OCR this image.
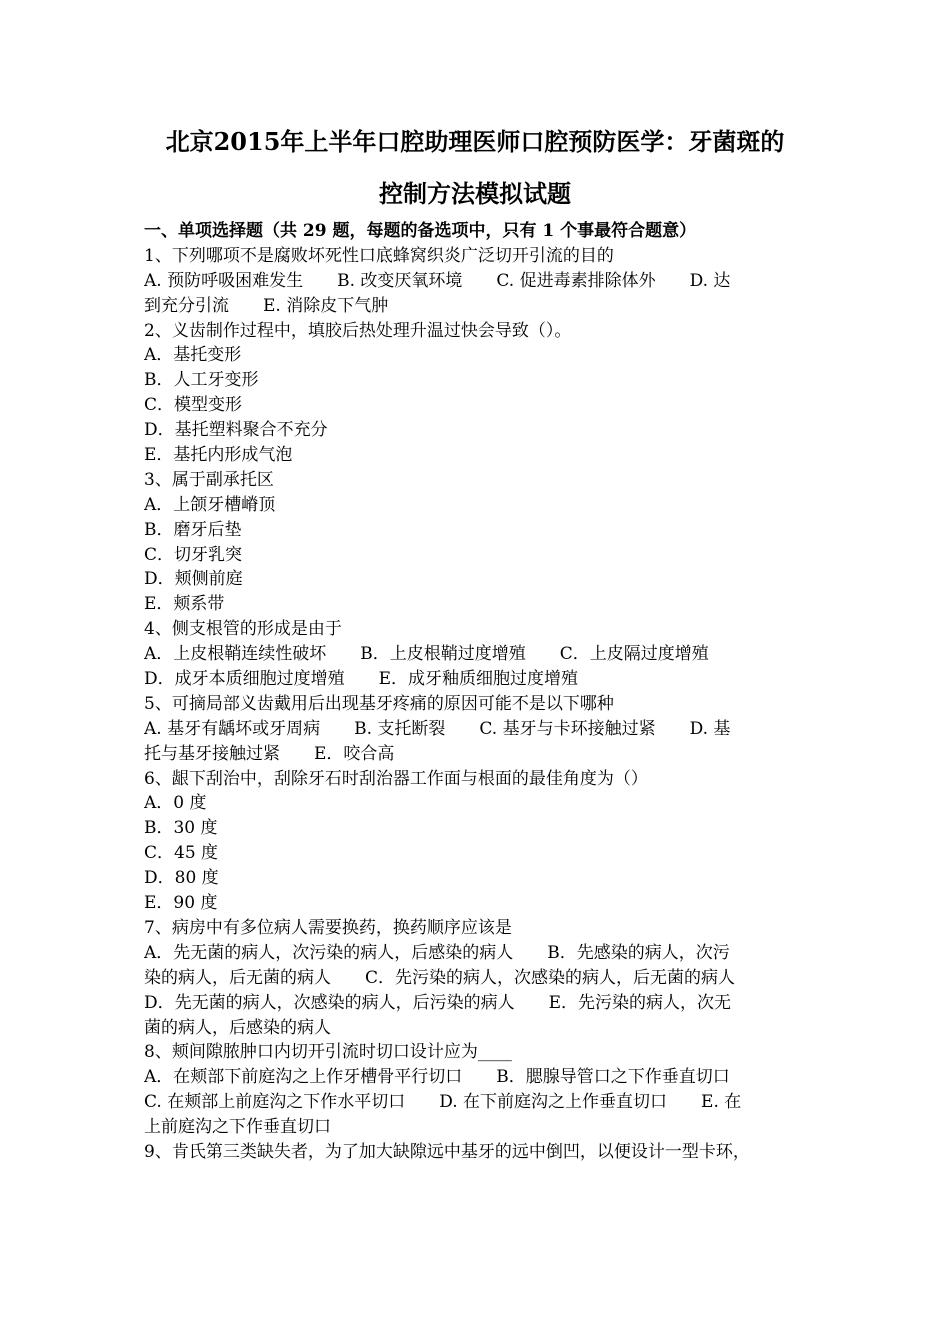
北京2015年上半年口腔助理医师口腔预防医学：牙菌斑的
控制方法模拟试题
一、单项选择题（共 29 题，每题的备选项中，只有 1 个事最符合题意）
1、下列哪项不是腐败坏死性口底蜂窝织炎广泛切开引流的目的
A. 预防呼吸困难发生　　B. 改变厌氧环境　　C. 促进毒素排除体外　　D. 达
到充分引流　　E. 消除皮下气肿
2、义齿制作过程中，填胶后热处理升温过快会导致（）。
A．基托变形
B．人工牙变形
C．模型变形
D．基托塑料聚合不充分
E．基托内形成气泡
3、属于副承托区
A．上颌牙槽嵴顶
B．磨牙后垫
C．切牙乳突
D．颊侧前庭
E．颊系带
4、侧支根管的形成是由于
A．上皮根鞘连续性破坏　　B．上皮根鞘过度增殖　　C．上皮隔过度增殖
D．成牙本质细胞过度增殖　　E．成牙釉质细胞过度增殖
5、可摘局部义齿戴用后出现基牙疼痛的原因可能不是以下哪种
A. 基牙有龋坏或牙周病　　B. 支托断裂　　C. 基牙与卡环接触过紧　　D. 基
托与基牙接触过紧　　E．咬合高
6、龈下刮治中，刮除牙石时刮治器工作面与根面的最佳角度为（）
A．0 度
B．30 度
C．45 度
D．80 度
E．90 度
7、病房中有多位病人需要换药，换药顺序应该是
A．先无菌的病人，次污染的病人，后感染的病人　　B．先感染的病人，次污
染的病人，后无菌的病人　　C．先污染的病人，次感染的病人，后无菌的病人
D．先无菌的病人，次感染的病人，后污染的病人　　E．先污染的病人，次无
菌的病人，后感染的病人
8、颊间隙脓肿口内切开引流时切口设计应为____
A．在颊部下前庭沟之上作牙槽骨平行切口　　B．腮腺导管口之下作垂直切口
C. 在颊部上前庭沟之下作水平切口　　D. 在下前庭沟之上作垂直切口　　E. 在
上前庭沟之下作垂直切口
9、肯氏第三类缺失者，为了加大缺隙远中基牙的远中倒凹，以便设计一型卡环，
